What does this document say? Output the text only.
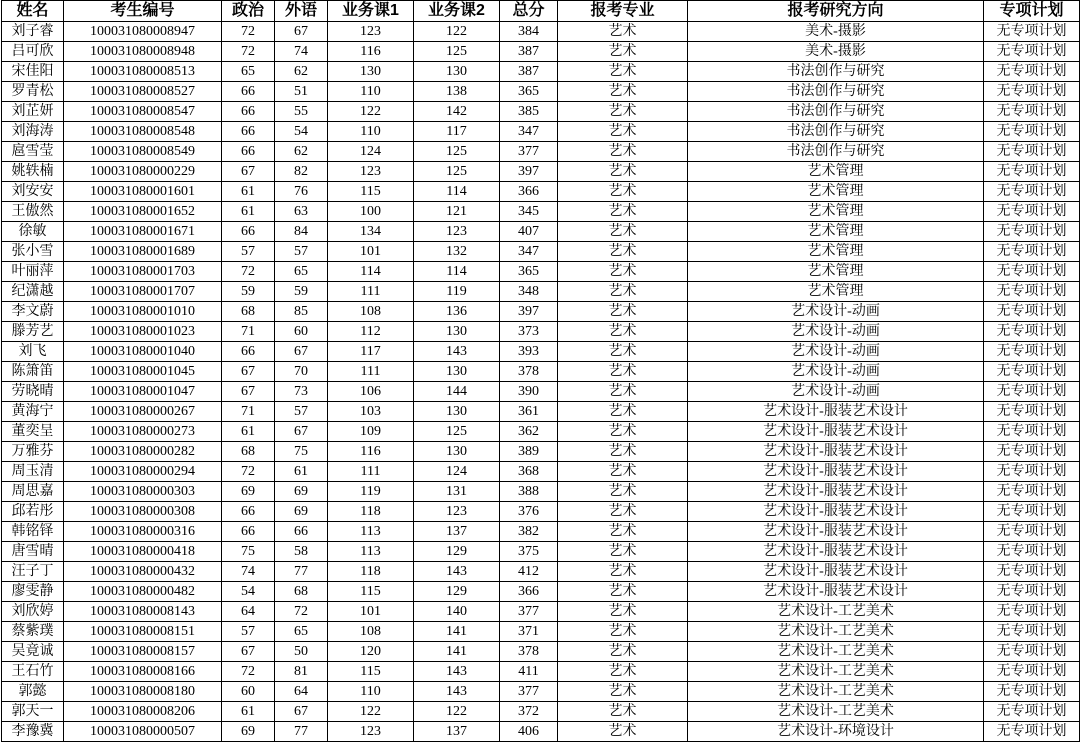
姓名	考生编号	政治	外语	业务课1	业务课2	总分	报考专业	报考研究方向	专项计划
刘子睿	100031080008947	72	67	123	122	384	艺术	美术-摄影	无专项计划
吕可欣	100031080008948	72	74	116	125	387	艺术	美术-摄影	无专项计划
宋佳阳	100031080008513	65	62	130	130	387	艺术	书法创作与研究	无专项计划
罗青松	100031080008527	66	51	110	138	365	艺术	书法创作与研究	无专项计划
刘芷妍	100031080008547	66	55	122	142	385	艺术	书法创作与研究	无专项计划
刘海涛	100031080008548	66	54	110	117	347	艺术	书法创作与研究	无专项计划
扈雪莹	100031080008549	66	62	124	125	377	艺术	书法创作与研究	无专项计划
姚轶楠	100031080000229	67	82	123	125	397	艺术	艺术管理	无专项计划
刘安安	100031080001601	61	76	115	114	366	艺术	艺术管理	无专项计划
王傲然	100031080001652	61	63	100	121	345	艺术	艺术管理	无专项计划
徐敏	100031080001671	66	84	134	123	407	艺术	艺术管理	无专项计划
张小雪	100031080001689	57	57	101	132	347	艺术	艺术管理	无专项计划
叶丽萍	100031080001703	72	65	114	114	365	艺术	艺术管理	无专项计划
纪潇越	100031080001707	59	59	111	119	348	艺术	艺术管理	无专项计划
李文蔚	100031080001010	68	85	108	136	397	艺术	艺术设计-动画	无专项计划
滕芳艺	100031080001023	71	60	112	130	373	艺术	艺术设计-动画	无专项计划
刘飞	100031080001040	66	67	117	143	393	艺术	艺术设计-动画	无专项计划
陈箫笛	100031080001045	67	70	111	130	378	艺术	艺术设计-动画	无专项计划
劳晓晴	100031080001047	67	73	106	144	390	艺术	艺术设计-动画	无专项计划
黄海宁	100031080000267	71	57	103	130	361	艺术	艺术设计-服装艺术设计	无专项计划
董奕呈	100031080000273	61	67	109	125	362	艺术	艺术设计-服装艺术设计	无专项计划
万雅芬	100031080000282	68	75	116	130	389	艺术	艺术设计-服装艺术设计	无专项计划
周玉清	100031080000294	72	61	111	124	368	艺术	艺术设计-服装艺术设计	无专项计划
周思嘉	100031080000303	69	69	119	131	388	艺术	艺术设计-服装艺术设计	无专项计划
邱若彤	100031080000308	66	69	118	123	376	艺术	艺术设计-服装艺术设计	无专项计划
韩铭铎	100031080000316	66	66	113	137	382	艺术	艺术设计-服装艺术设计	无专项计划
唐雪晴	100031080000418	75	58	113	129	375	艺术	艺术设计-服装艺术设计	无专项计划
汪子丁	100031080000432	74	77	118	143	412	艺术	艺术设计-服装艺术设计	无专项计划
廖雯静	100031080000482	54	68	115	129	366	艺术	艺术设计-服装艺术设计	无专项计划
刘欣婷	100031080008143	64	72	101	140	377	艺术	艺术设计-工艺美术	无专项计划
蔡紫璞	100031080008151	57	65	108	141	371	艺术	艺术设计-工艺美术	无专项计划
吴竟诚	100031080008157	67	50	120	141	378	艺术	艺术设计-工艺美术	无专项计划
王石竹	100031080008166	72	81	115	143	411	艺术	艺术设计-工艺美术	无专项计划
郭懿	100031080008180	60	64	110	143	377	艺术	艺术设计-工艺美术	无专项计划
郭天一	100031080008206	61	67	122	122	372	艺术	艺术设计-工艺美术	无专项计划
李豫冀	100031080000507	69	77	123	137	406	艺术	艺术设计-环境设计	无专项计划
